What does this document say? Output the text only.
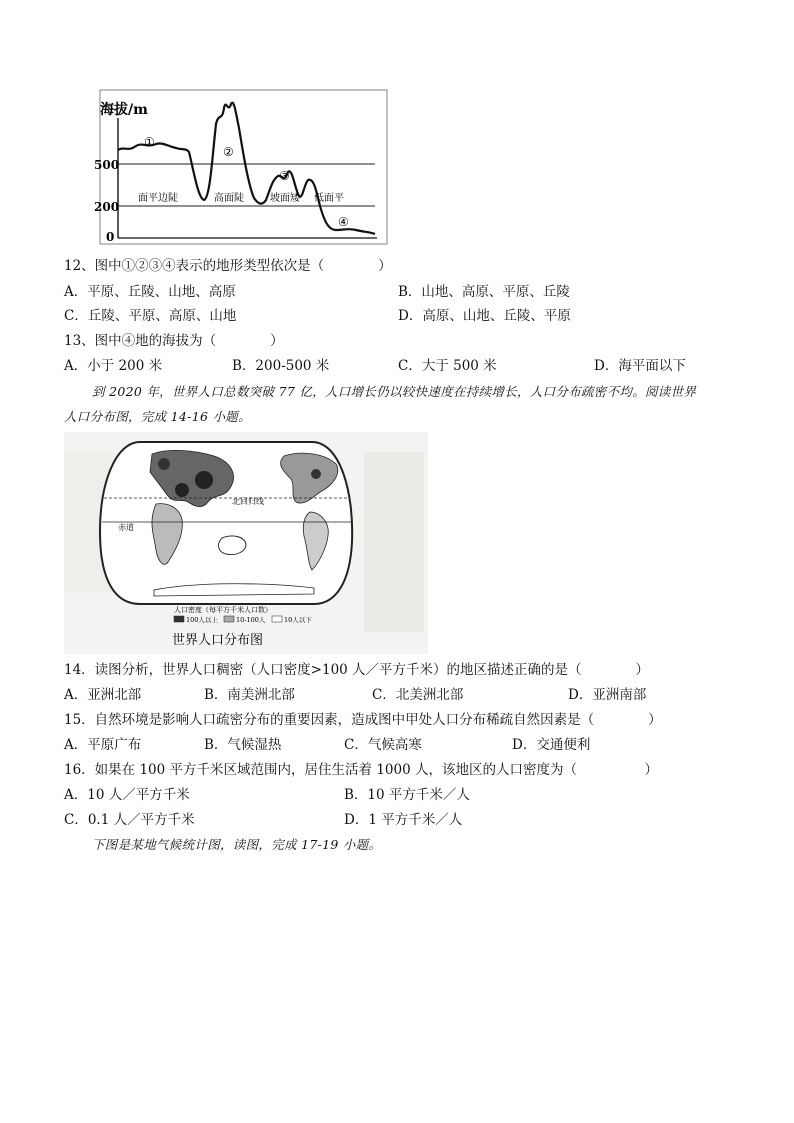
海拔/m
500
200
0
①
②
③
④
面平边陡	高面陡	坡面矮 低面平
12、图中①②③④表示的地形类型依次是（　　　　）
A．平原、丘陵、山地、高原	B．山地、高原、平原、丘陵
C．丘陵、平原、高原、山地	D．高原、山地、丘陵、平原
13、图中④地的海拔为（　　　　）
A．小于 200 米	B．200-500 米	C．大于 500 米	D．海平面以下
到 2020 年，世界人口总数突破 77 亿，人口增长仍以较快速度在持续增长，人口分布疏密不均。阅读世界
人口分布图，完成 14-16 小题。
北回归线
赤道
人口密度（每平方千米人口数）
100人以上	10-100人	10人以下
世界人口分布图
14．读图分析，世界人口稠密（人口密度>100 人／平方千米）的地区描述正确的是（　　　　）
A．亚洲北部	B．南美洲北部	C．北美洲北部	D．亚洲南部
15．自然环境是影响人口疏密分布的重要因素，造成图中甲处人口分布稀疏自然因素是（　　　　）
A．平原广布	B．气候湿热	C．气候高寒	D．交通便利
16．如果在 100 平方千米区域范围内，居住生活着 1000 人，该地区的人口密度为（　　　　　）
A．10 人／平方千米	B．10 平方千米／人
C．0.1 人／平方千米	D．1 平方千米／人
下图是某地气候统计图，读图，完成 17-19 小题。
